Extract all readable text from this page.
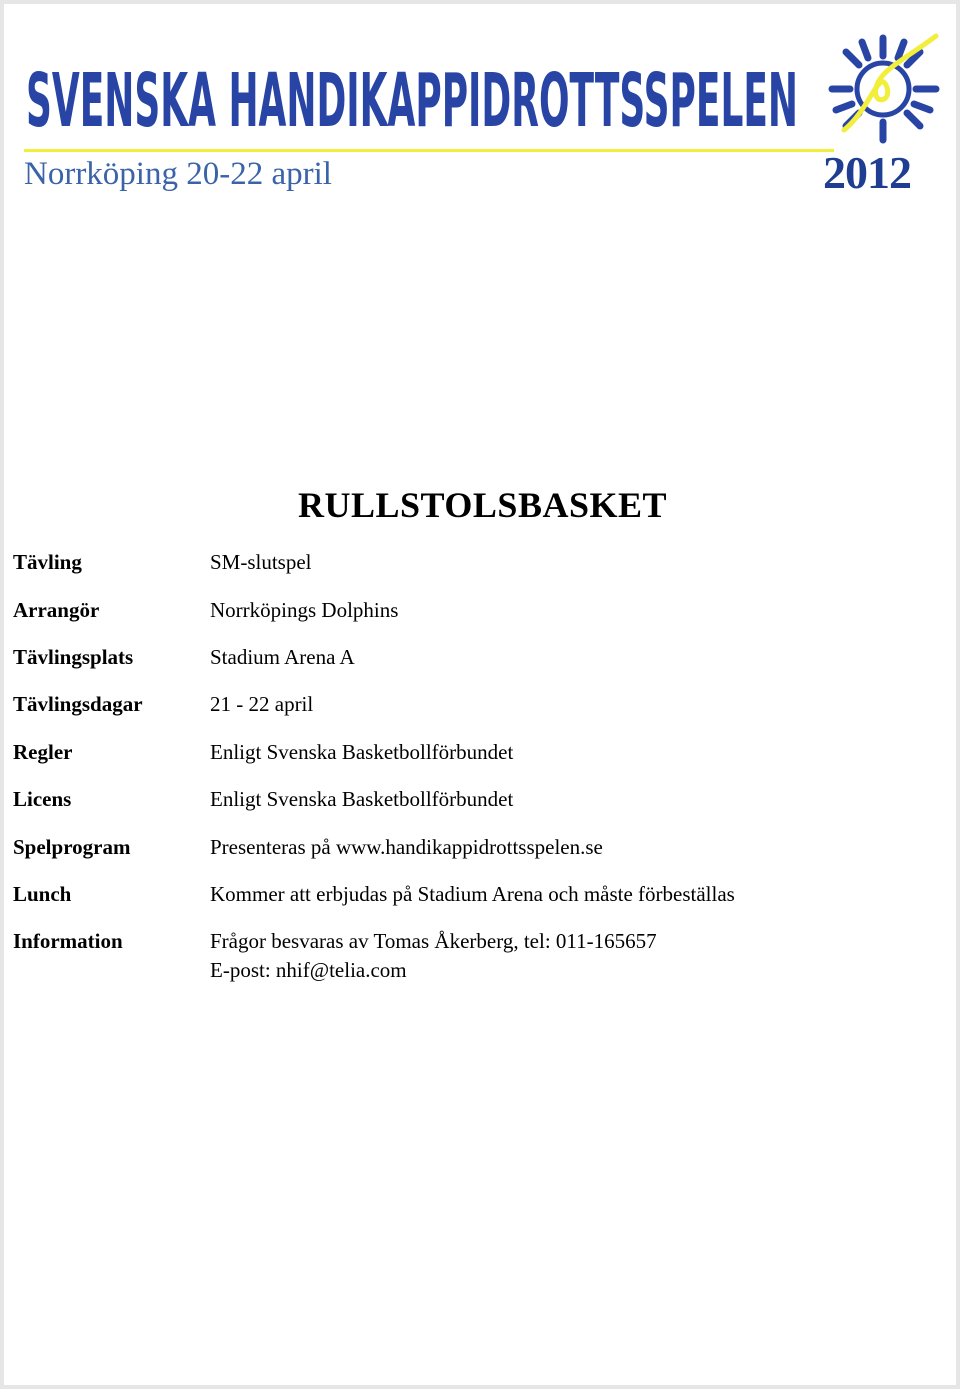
SVENSKA HANDIKAPPIDROTTSSPELEN
Norrköping 20-22 april	2012
RULLSTOLSBASKET
Tävling	SM-slutspel
Arrangör	Norrköpings Dolphins
Tävlingsplats	Stadium Arena A
Tävlingsdagar	21 - 22 april
Regler	Enligt Svenska Basketbollförbundet
Licens	Enligt Svenska Basketbollförbundet
Spelprogram	Presenteras på www.handikappidrottsspelen.se
Lunch	Kommer att erbjudas på Stadium Arena och måste förbeställas
Information	Frågor besvaras av Tomas Åkerberg, tel: 011-165657
E-post: nhif@telia.com
